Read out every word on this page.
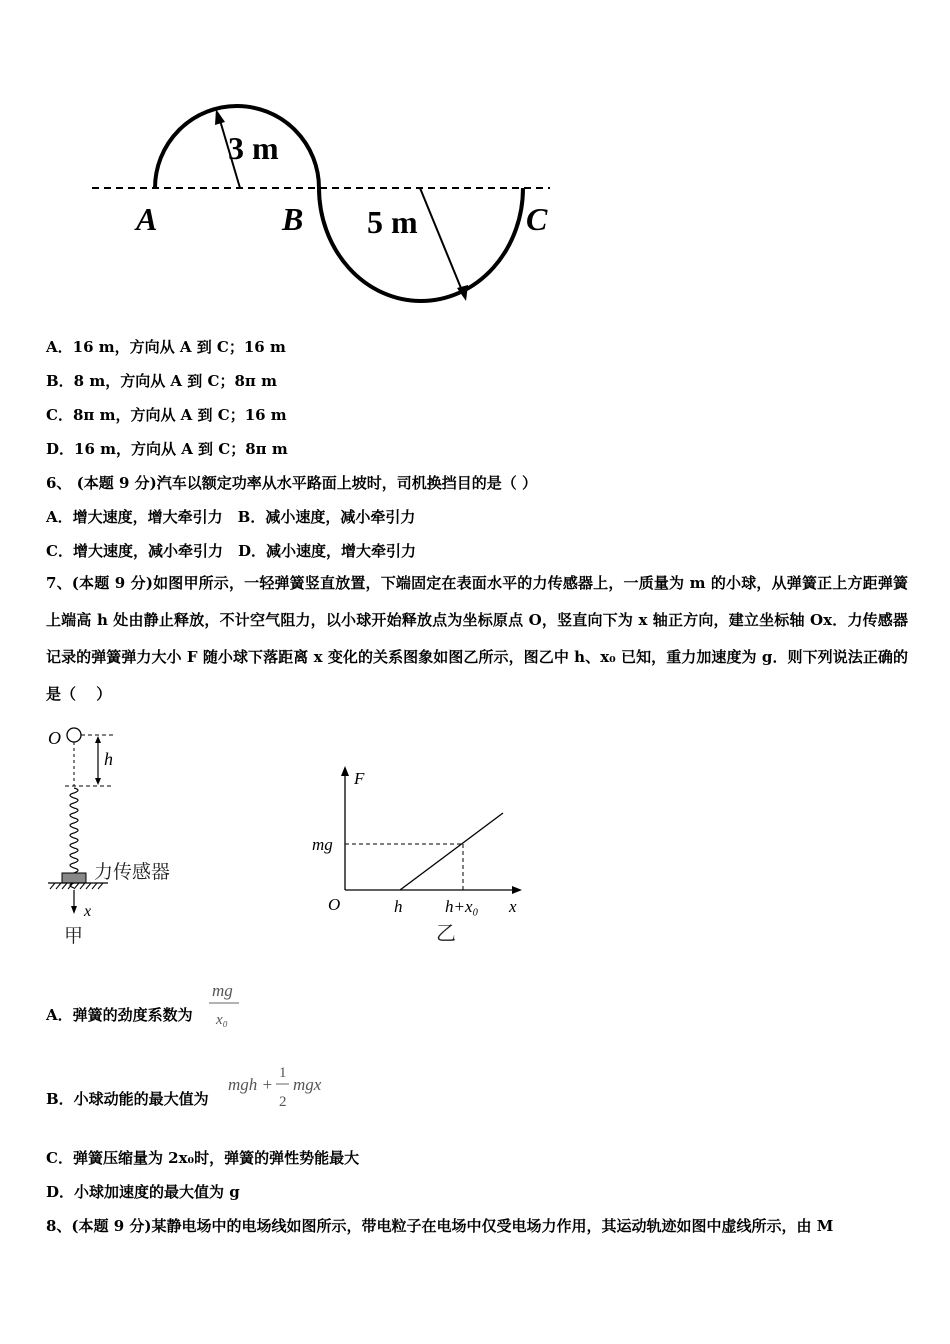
3 m
5 m
A	B	C
A．16 m，方向从 A 到 C；16 m
B．8 m，方向从 A 到 C；8π m
C．8π m，方向从 A 到 C；16 m
D．16 m，方向从 A 到 C；8π m
6、 (本题 9 分)汽车以额定功率从水平路面上坡时，司机换挡目的是（ ）
A．增大速度，增大牵引力　B．减小速度，减小牵引力
C．增大速度，减小牵引力　D．减小速度，增大牵引力
7、(本题 9 分)如图甲所示，一轻弹簧竖直放置，下端固定在表面水平的力传感器上，一质量为 m 的小球，从弹簧正上方距弹簧上端高 h 处由静止释放，不计空气阻力，以小球开始释放点为坐标原点 O，竖直向下为 x 轴正方向，建立坐标轴 Ox．力传感器记录的弹簧弹力大小 F 随小球下落距离 x 变化的关系图象如图乙所示，图乙中 h、x₀ 已知，重力加速度为 g．则下列说法正确的是（　 ）
O
h
力传感器
x
甲
F
mg
O	h	h+x₀ x
乙
A．弹簧的劲度系数为
mg
x₀
B．小球动能的最大值为
mgh +
1
2
mgx
C．弹簧压缩量为 2x₀时，弹簧的弹性势能最大
D．小球加速度的最大值为 g
8、(本题 9 分)某静电场中的电场线如图所示，带电粒子在电场中仅受电场力作用，其运动轨迹如图中虚线所示，由 M
